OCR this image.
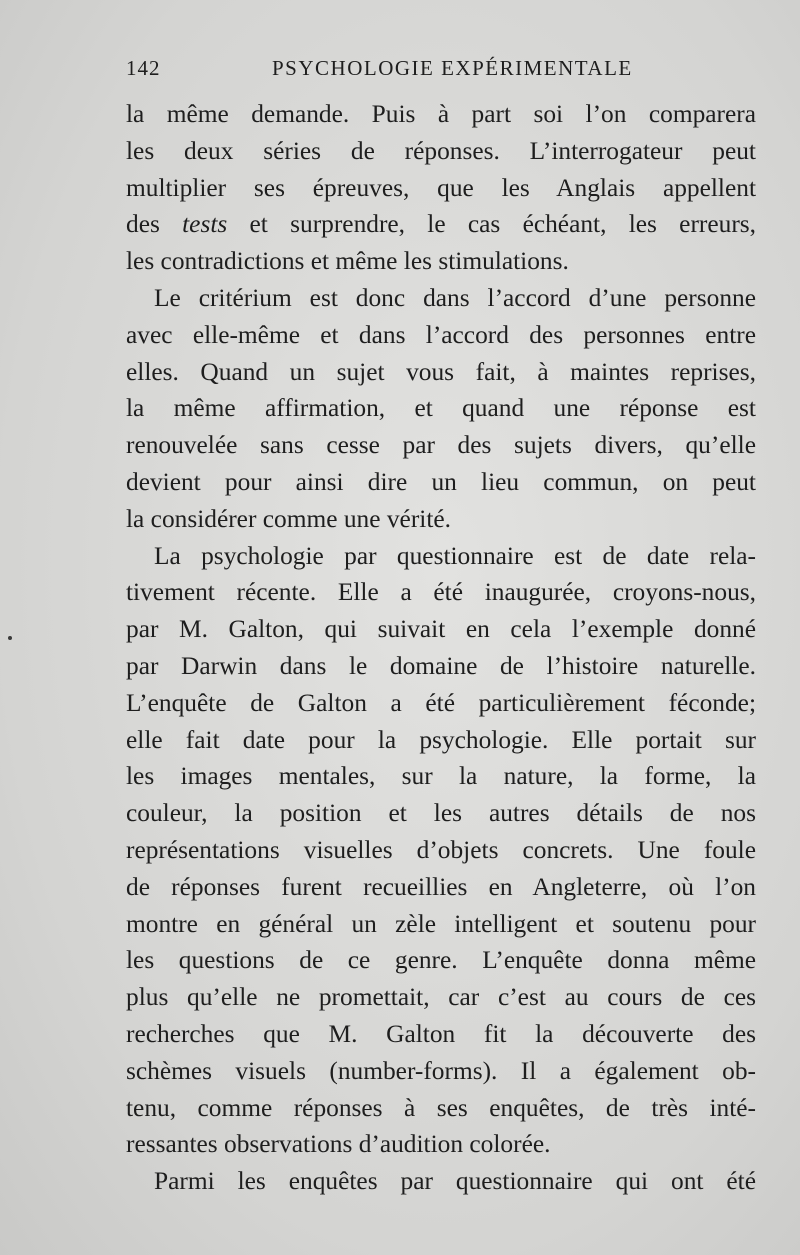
142	PSYCHOLOGIE EXPÉRIMENTALE
la même demande. Puis à part soi l’on comparera
les deux séries de réponses. L’interrogateur peut
multiplier ses épreuves, que les Anglais appellent
des tests et surprendre, le cas échéant, les erreurs,
les contradictions et même les stimulations.
Le critérium est donc dans l’accord d’une personne
avec elle-même et dans l’accord des personnes entre
elles. Quand un sujet vous fait, à maintes reprises,
la même affirmation, et quand une réponse est
renouvelée sans cesse par des sujets divers, qu’elle
devient pour ainsi dire un lieu commun, on peut
la considérer comme une vérité.
La psychologie par questionnaire est de date rela-
tivement récente. Elle a été inaugurée, croyons-nous,
par M. Galton, qui suivait en cela l’exemple donné
par Darwin dans le domaine de l’histoire naturelle.
L’enquête de Galton a été particulièrement féconde;
elle fait date pour la psychologie. Elle portait sur
les images mentales, sur la nature, la forme, la
couleur, la position et les autres détails de nos
représentations visuelles d’objets concrets. Une foule
de réponses furent recueillies en Angleterre, où l’on
montre en général un zèle intelligent et soutenu pour
les questions de ce genre. L’enquête donna même
plus qu’elle ne promettait, car c’est au cours de ces
recherches que M. Galton fit la découverte des
schèmes visuels (number-forms). Il a également ob-
tenu, comme réponses à ses enquêtes, de très inté-
ressantes observations d’audition colorée.
Parmi les enquêtes par questionnaire qui ont été
